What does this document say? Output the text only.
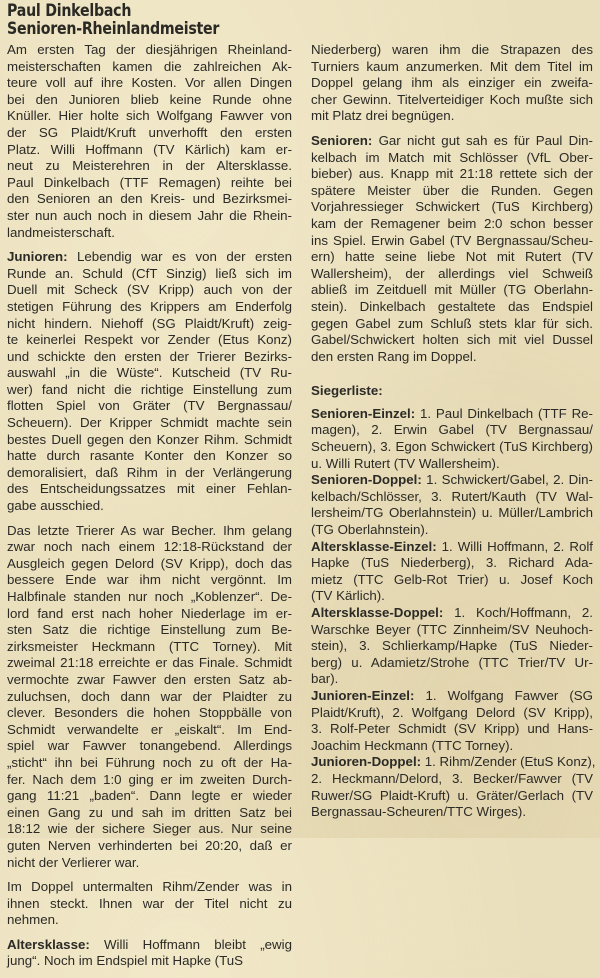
Paul Dinkelbach
Senioren-Rheinlandmeister
Am ersten Tag der diesjährigen Rheinland-
meisterschaften kamen die zahlreichen Ak-
teure voll auf ihre Kosten. Vor allen Dingen
bei den Junioren blieb keine Runde ohne
Knüller. Hier holte sich Wolfgang Fawver von
der SG Plaidt/Kruft unverhofft den ersten
Platz. Willi Hoffmann (TV Kärlich) kam er-
neut zu Meisterehren in der Altersklasse.
Paul Dinkelbach (TTF Remagen) reihte bei
den Senioren an den Kreis- und Bezirksmei-
ster nun auch noch in diesem Jahr die Rhein-
landmeisterschaft.
Junioren: Lebendig war es von der ersten
Runde an. Schuld (CfT Sinzig) ließ sich im
Duell mit Scheck (SV Kripp) auch von der
stetigen Führung des Krippers am Enderfolg
nicht hindern. Niehoff (SG Plaidt/Kruft) zeig-
te keinerlei Respekt vor Zender (Etus Konz)
und schickte den ersten der Trierer Bezirks-
auswahl „in die Wüste“. Kutscheid (TV Ru-
wer) fand nicht die richtige Einstellung zum
flotten Spiel von Gräter (TV Bergnassau/
Scheuern). Der Kripper Schmidt machte sein
bestes Duell gegen den Konzer Rihm. Schmidt
hatte durch rasante Konter den Konzer so
demoralisiert, daß Rihm in der Verlängerung
des Entscheidungssatzes mit einer Fehlan-
gabe ausschied.
Das letzte Trierer As war Becher. Ihm gelang
zwar noch nach einem 12:18-Rückstand der
Ausgleich gegen Delord (SV Kripp), doch das
bessere Ende war ihm nicht vergönnt. Im
Halbfinale standen nur noch „Koblenzer“. De-
lord fand erst nach hoher Niederlage im er-
sten Satz die richtige Einstellung zum Be-
zirksmeister Heckmann (TTC Torney). Mit
zweimal 21:18 erreichte er das Finale. Schmidt
vermochte zwar Fawver den ersten Satz ab-
zuluchsen, doch dann war der Plaidter zu
clever. Besonders die hohen Stoppbälle von
Schmidt verwandelte er „eiskalt“. Im End-
spiel war Fawver tonangebend. Allerdings
„sticht“ ihn bei Führung noch zu oft der Ha-
fer. Nach dem 1:0 ging er im zweiten Durch-
gang 11:21 „baden“. Dann legte er wieder
einen Gang zu und sah im dritten Satz bei
18:12 wie der sichere Sieger aus. Nur seine
guten Nerven verhinderten bei 20:20, daß er
nicht der Verlierer war.
Im Doppel untermalten Rihm/Zender was in
ihnen steckt. Ihnen war der Titel nicht zu
nehmen.
Altersklasse: Willi Hoffmann bleibt „ewig
jung“. Noch im Endspiel mit Hapke (TuS
Niederberg) waren ihm die Strapazen des
Turniers kaum anzumerken. Mit dem Titel im
Doppel gelang ihm als einziger ein zweifa-
cher Gewinn. Titelverteidiger Koch mußte sich
mit Platz drei begnügen.
Senioren: Gar nicht gut sah es für Paul Din-
kelbach im Match mit Schlösser (VfL Ober-
bieber) aus. Knapp mit 21:18 rettete sich der
spätere Meister über die Runden. Gegen
Vorjahressieger Schwickert (TuS Kirchberg)
kam der Remagener beim 2:0 schon besser
ins Spiel. Erwin Gabel (TV Bergnassau/Scheu-
ern) hatte seine liebe Not mit Rutert (TV
Wallersheim), der allerdings viel Schweiß
abließ im Zeitduell mit Müller (TG Oberlahn-
stein). Dinkelbach gestaltete das Endspiel
gegen Gabel zum Schluß stets klar für sich.
Gabel/Schwickert holten sich mit viel Dussel
den ersten Rang im Doppel.
Siegerliste:
Senioren-Einzel: 1. Paul Dinkelbach (TTF Re-
magen), 2. Erwin Gabel (TV Bergnassau/
Scheuern), 3. Egon Schwickert (TuS Kirchberg)
u. Willi Rutert (TV Wallersheim).
Senioren-Doppel: 1. Schwickert/Gabel, 2. Din-
kelbach/Schlösser, 3. Rutert/Kauth (TV Wal-
lersheim/TG Oberlahnstein) u. Müller/Lambrich
(TG Oberlahnstein).
Altersklasse-Einzel: 1. Willi Hoffmann, 2. Rolf
Hapke (TuS Niederberg), 3. Richard Ada-
mietz (TTC Gelb-Rot Trier) u. Josef Koch
(TV Kärlich).
Altersklasse-Doppel: 1. Koch/Hoffmann, 2.
Warschke Beyer (TTC Zinnheim/SV Neuhoch-
stein), 3. Schlierkamp/Hapke (TuS Nieder-
berg) u. Adamietz/Strohe (TTC Trier/TV Ur-
bar).
Junioren-Einzel: 1. Wolfgang Fawver (SG
Plaidt/Kruft), 2. Wolfgang Delord (SV Kripp),
3. Rolf-Peter Schmidt (SV Kripp) und Hans-
Joachim Heckmann (TTC Torney).
Junioren-Doppel: 1. Rihm/Zender (EtuS Konz),
2. Heckmann/Delord, 3. Becker/Fawver (TV
Ruwer/SG Plaidt-Kruft) u. Gräter/Gerlach (TV
Bergnassau-Scheuren/TTC Wirges).
